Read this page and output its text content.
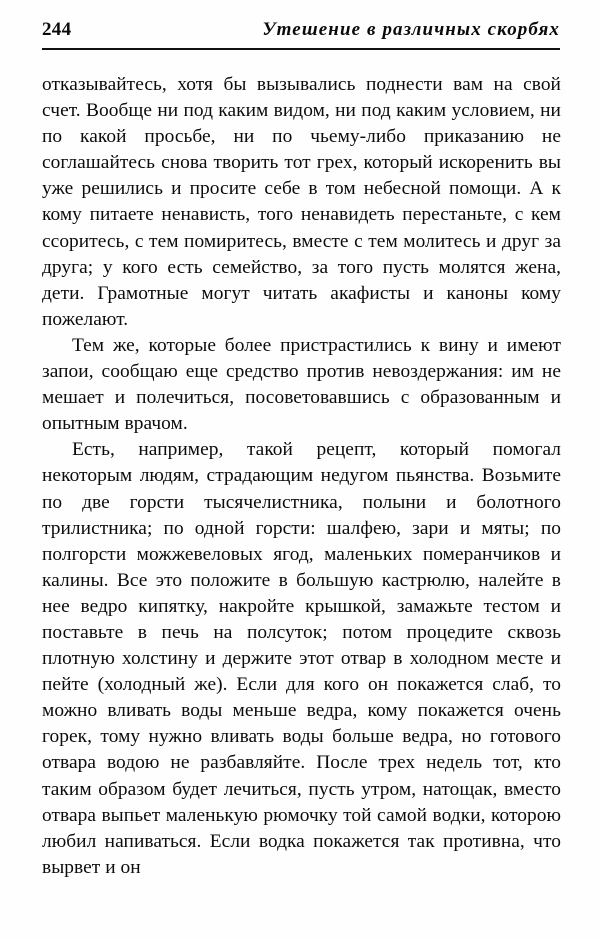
244	Утешение в различных скорбях

отказывайтесь, хотя бы вызывались поднести вам на свой счет. Вообще ни под каким видом, ни под каким условием, ни по какой просьбе, ни по чьему-либо приказанию не соглашайтесь снова творить тот грех, который искоренить вы уже решились и просите себе в том небесной помощи. А к кому питаете ненависть, того ненавидеть перестаньте, с кем ссоритесь, с тем помиритесь, вместе с тем молитесь и друг за друга; у кого есть семейство, за того пусть молятся жена, дети. Грамотные могут читать акафисты и каноны кому пожелают.

Тем же, которые более пристрастились к вину и имеют запои, сообщаю еще средство против невоздержания: им не мешает и полечиться, посоветовавшись с образованным и опытным врачом.

Есть, например, такой рецепт, который помогал некоторым людям, страдающим недугом пьянства. Возьмите по две горсти тысячелистника, полыни и болотного трилистника; по одной горсти: шалфею, зари и мяты; по полгорсти можжевеловых ягод, маленьких померанчиков и калины. Все это положите в большую кастрюлю, налейте в нее ведро кипятку, накройте крышкой, замажьте тестом и поставьте в печь на полсуток; потом процедите сквозь плотную холстину и держите этот отвар в холодном месте и пейте (холодный же). Если для кого он покажется слаб, то можно вливать воды меньше ведра, кому покажется очень горек, тому нужно вливать воды больше ведра, но готового отвара водою не разбавляйте. После трех недель тот, кто таким образом будет лечиться, пусть утром, натощак, вместо отвара выпьет маленькую рюмочку той самой водки, которою любил напиваться. Если водка покажется так противна, что вырвет и он
